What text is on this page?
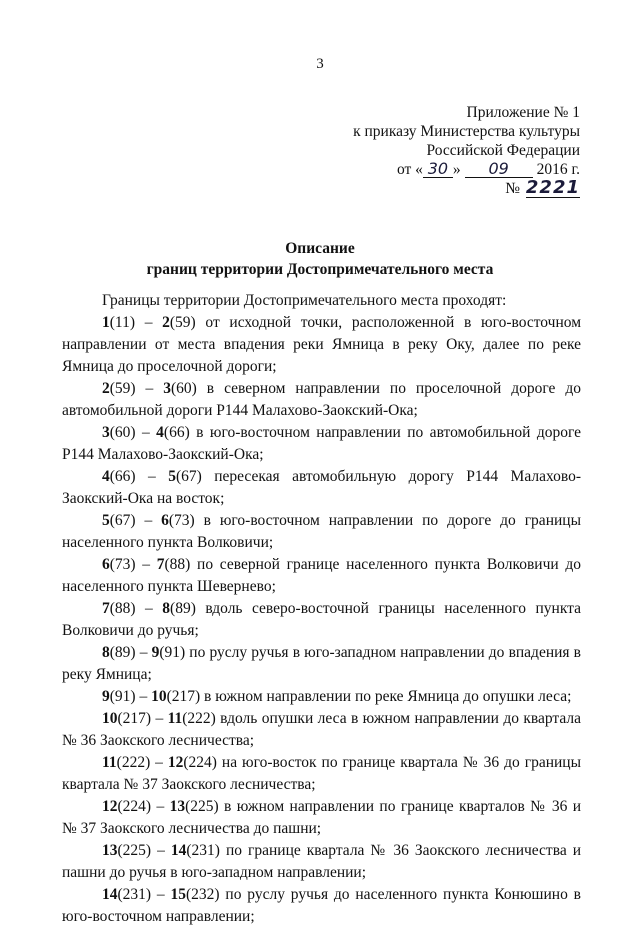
3
Приложение № 1
к приказу Министерства культуры
Российской Федерации
от « 30 » 09 2016 г.
№ 2221
Описание
границ территории Достопримечательного места

Границы территории Достопримечательного места проходят:

1(11) – 2(59) от исходной точки, расположенной в юго-восточном направлении от места впадения реки Ямница в реку Оку, далее по реке Ямница до проселочной дороги;

2(59) – 3(60) в северном направлении по проселочной дороге до автомобильной дороги Р144 Малахово-Заокский-Ока;

3(60) – 4(66) в юго-восточном направлении по автомобильной дороге Р144 Малахово-Заокский-Ока;

4(66) – 5(67) пересекая автомобильную дорогу Р144 Малахово-Заокский-Ока на восток;

5(67) – 6(73) в юго-восточном направлении по дороге до границы населенного пункта Волковичи;

6(73) – 7(88) по северной границе населенного пункта Волковичи до населенного пункта Шевернево;

7(88) – 8(89) вдоль северо-восточной границы населенного пункта Волковичи до ручья;

8(89) – 9(91) по руслу ручья в юго-западном направлении до впадения в реку Ямница;

9(91) – 10(217) в южном направлении по реке Ямница до опушки леса;

10(217) – 11(222) вдоль опушки леса в южном направлении до квартала № 36 Заокского лесничества;

11(222) – 12(224) на юго-восток по границе квартала № 36 до границы квартала № 37 Заокского лесничества;

12(224) – 13(225) в южном направлении по границе кварталов № 36 и № 37 Заокского лесничества до пашни;

13(225) – 14(231) по границе квартала № 36 Заокского лесничества и пашни до ручья в юго-западном направлении;

14(231) – 15(232) по руслу ручья до населенного пункта Конюшино в юго-восточном направлении;
